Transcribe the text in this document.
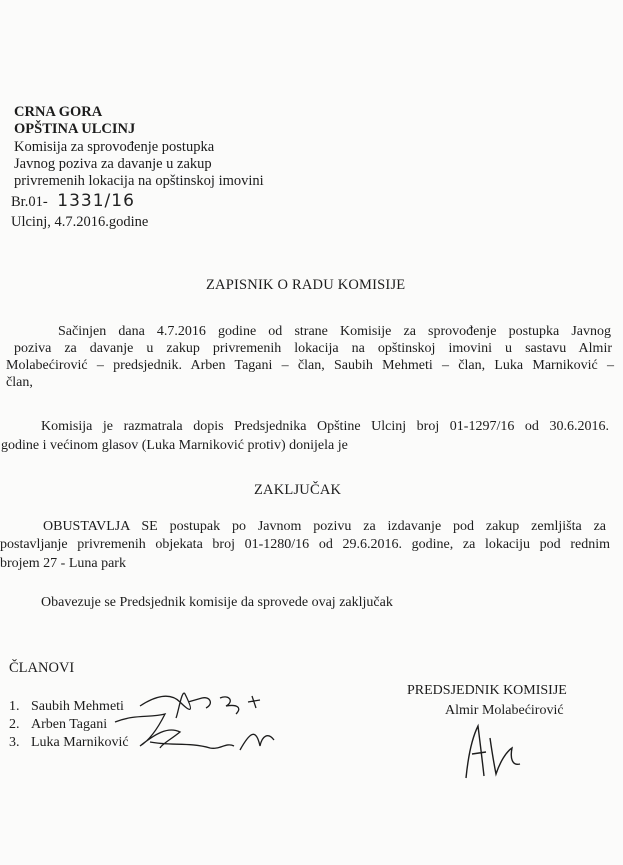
CRNA GORA
OPŠTINA ULCINJ
Komisija za sprovođenje postupka
Javnog poziva za davanje u zakup
privremenih lokacija na opštinskoj imovini
Br.01- 1331/16
Ulcinj, 4.7.2016.godine
ZAPISNIK O RADU KOMISIJE
Sačinjen dana 4.7.2016 godine od strane Komisije za sprovođenje postupka Javnog
poziva za davanje u zakup privremenih lokacija na opštinskoj imovini u sastavu Almir
Molabećirović – predsjednik. Arben Tagani – član, Saubih Mehmeti – član, Luka Marniković –
član,
Komisija je razmatrala dopis Predsjednika Opštine Ulcinj broj 01-1297/16 od 30.6.2016.
godine i većinom glasov (Luka Marniković protiv) donijela je
ZAKLJUČAK
OBUSTAVLJA SE postupak po Javnom pozivu za izdavanje pod zakup zemljišta za
postavljanje privremenih objekata broj 01-1280/16 od 29.6.2016. godine, za lokaciju pod rednim
brojem 27 - Luna park
Obavezuje se Predsjednik komisije da sprovede ovaj zaključak
ČLANOVI
1. Saubih Mehmeti
2. Arben Tagani
3. Luka Marniković
PREDSJEDNIK KOMISIJE
Almir Molabećirović
